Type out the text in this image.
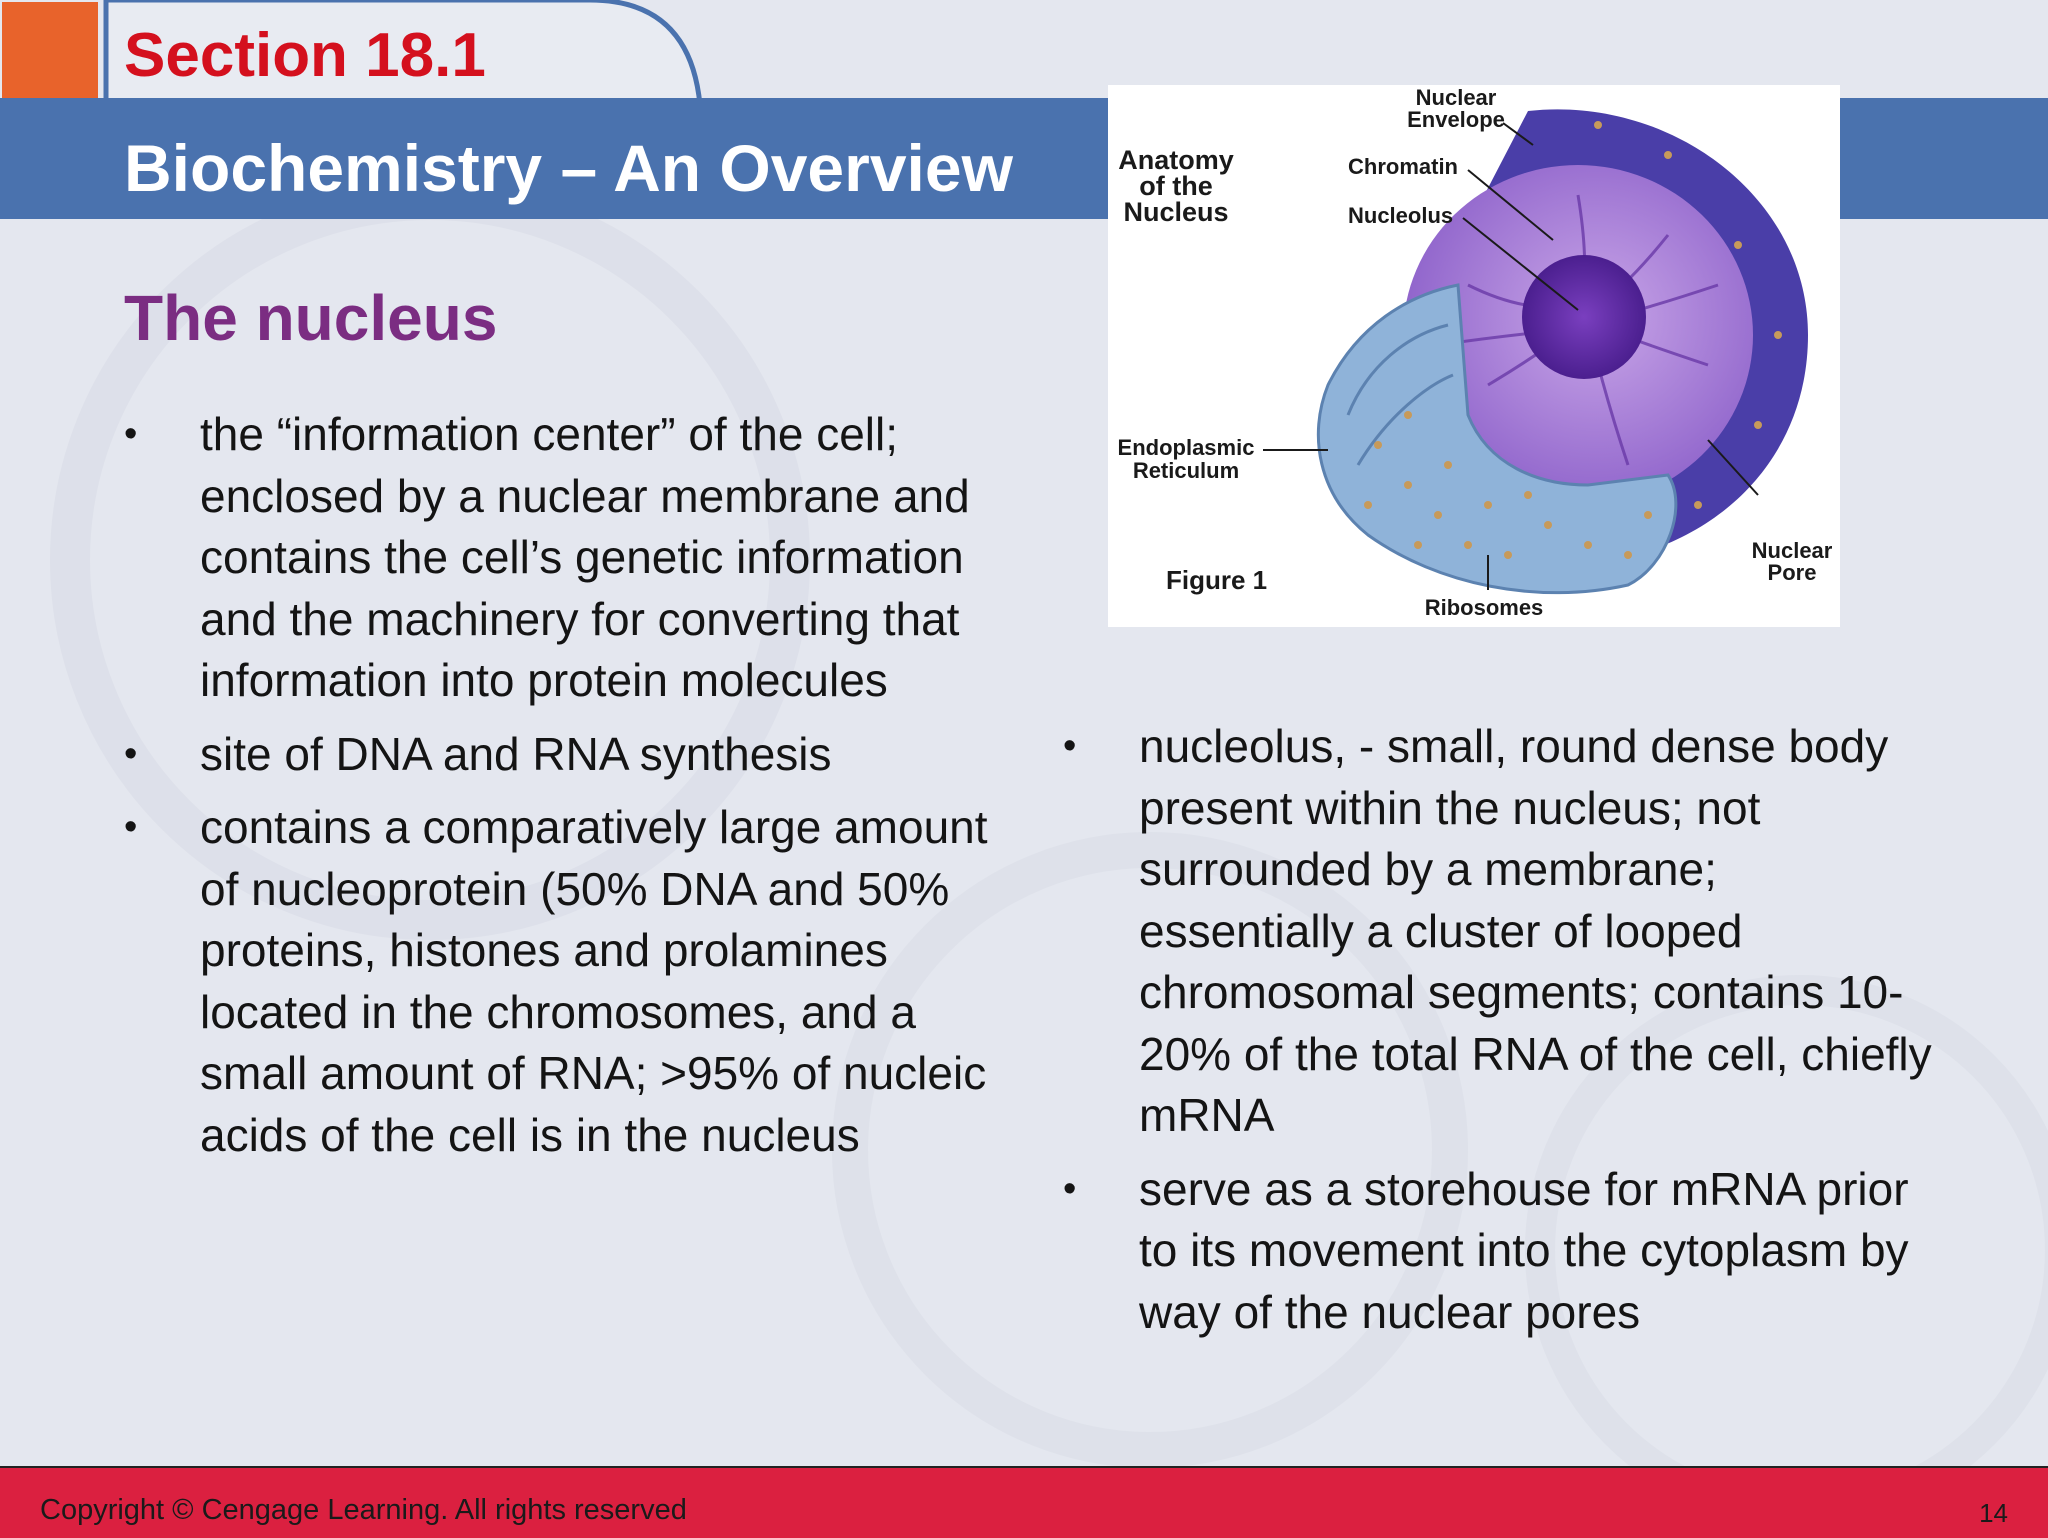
Section 18.1
Biochemistry – An Overview	Anatomy
of the
Nucleus
Nuclear
Envelope
Chromatin
Nucleolus
Endoplasmic
Reticulum
Figure 1
Ribosomes
Nuclear
Pore
The nucleus
• the “information center” of the cell; enclosed by a nuclear membrane and contains the cell’s genetic information and the machinery for converting that information into protein molecules
• site of DNA and RNA synthesis
• contains a comparatively large amount of nucleoprotein (50% DNA and 50% proteins, histones and prolamines located in the chromosomes, and a small amount of RNA; >95% of nucleic acids of the cell is in the nucleus
• nucleolus, - small, round dense body present within the nucleus; not surrounded by a membrane; essentially a cluster of looped chromosomal segments; contains 10-20% of the total RNA of the cell, chiefly mRNA
• serve as a storehouse for mRNA prior to its movement into the cytoplasm by way of the nuclear pores

Copyright © Cengage Learning. All rights reserved	14
